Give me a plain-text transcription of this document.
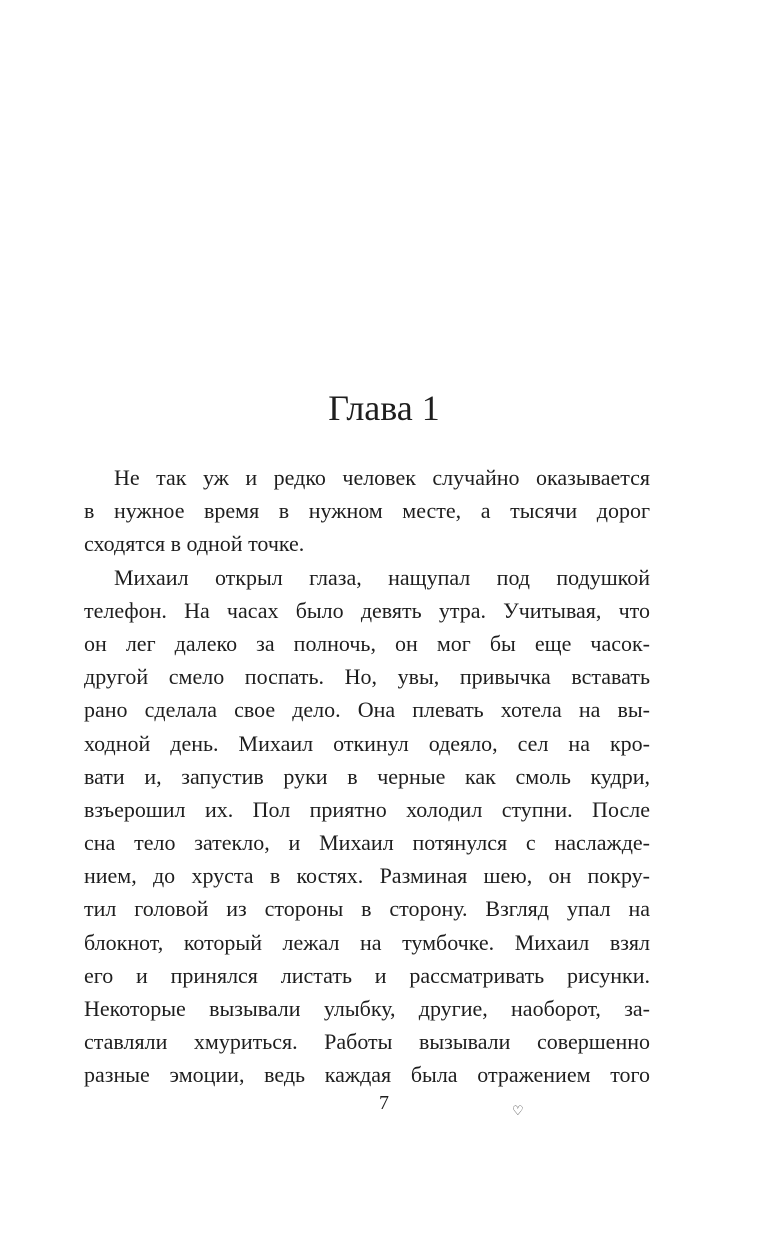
Глава 1
Не так уж и редко человек случайно оказывается
в нужное время в нужном месте, а тысячи дорог
сходятся в одной точке.
Михаил открыл глаза, нащупал под подушкой
телефон. На часах было девять утра. Учитывая, что
он лег далеко за полночь, он мог бы еще часок-
другой смело поспать. Но, увы, привычка вставать
рано сделала свое дело. Она плевать хотела на вы-
ходной день. Михаил откинул одеяло, сел на кро-
вати и, запустив руки в черные как смоль кудри,
взъерошил их. Пол приятно холодил ступни. После
сна тело затекло, и Михаил потянулся с наслажде-
нием, до хруста в костях. Разминая шею, он покру-
тил головой из стороны в сторону. Взгляд упал на
блокнот, который лежал на тумбочке. Михаил взял
его и принялся листать и рассматривать рисунки.
Некоторые вызывали улыбку, другие, наоборот, за-
ставляли хмуриться. Работы вызывали совершенно
разные эмоции, ведь каждая была отражением того
7	♡
